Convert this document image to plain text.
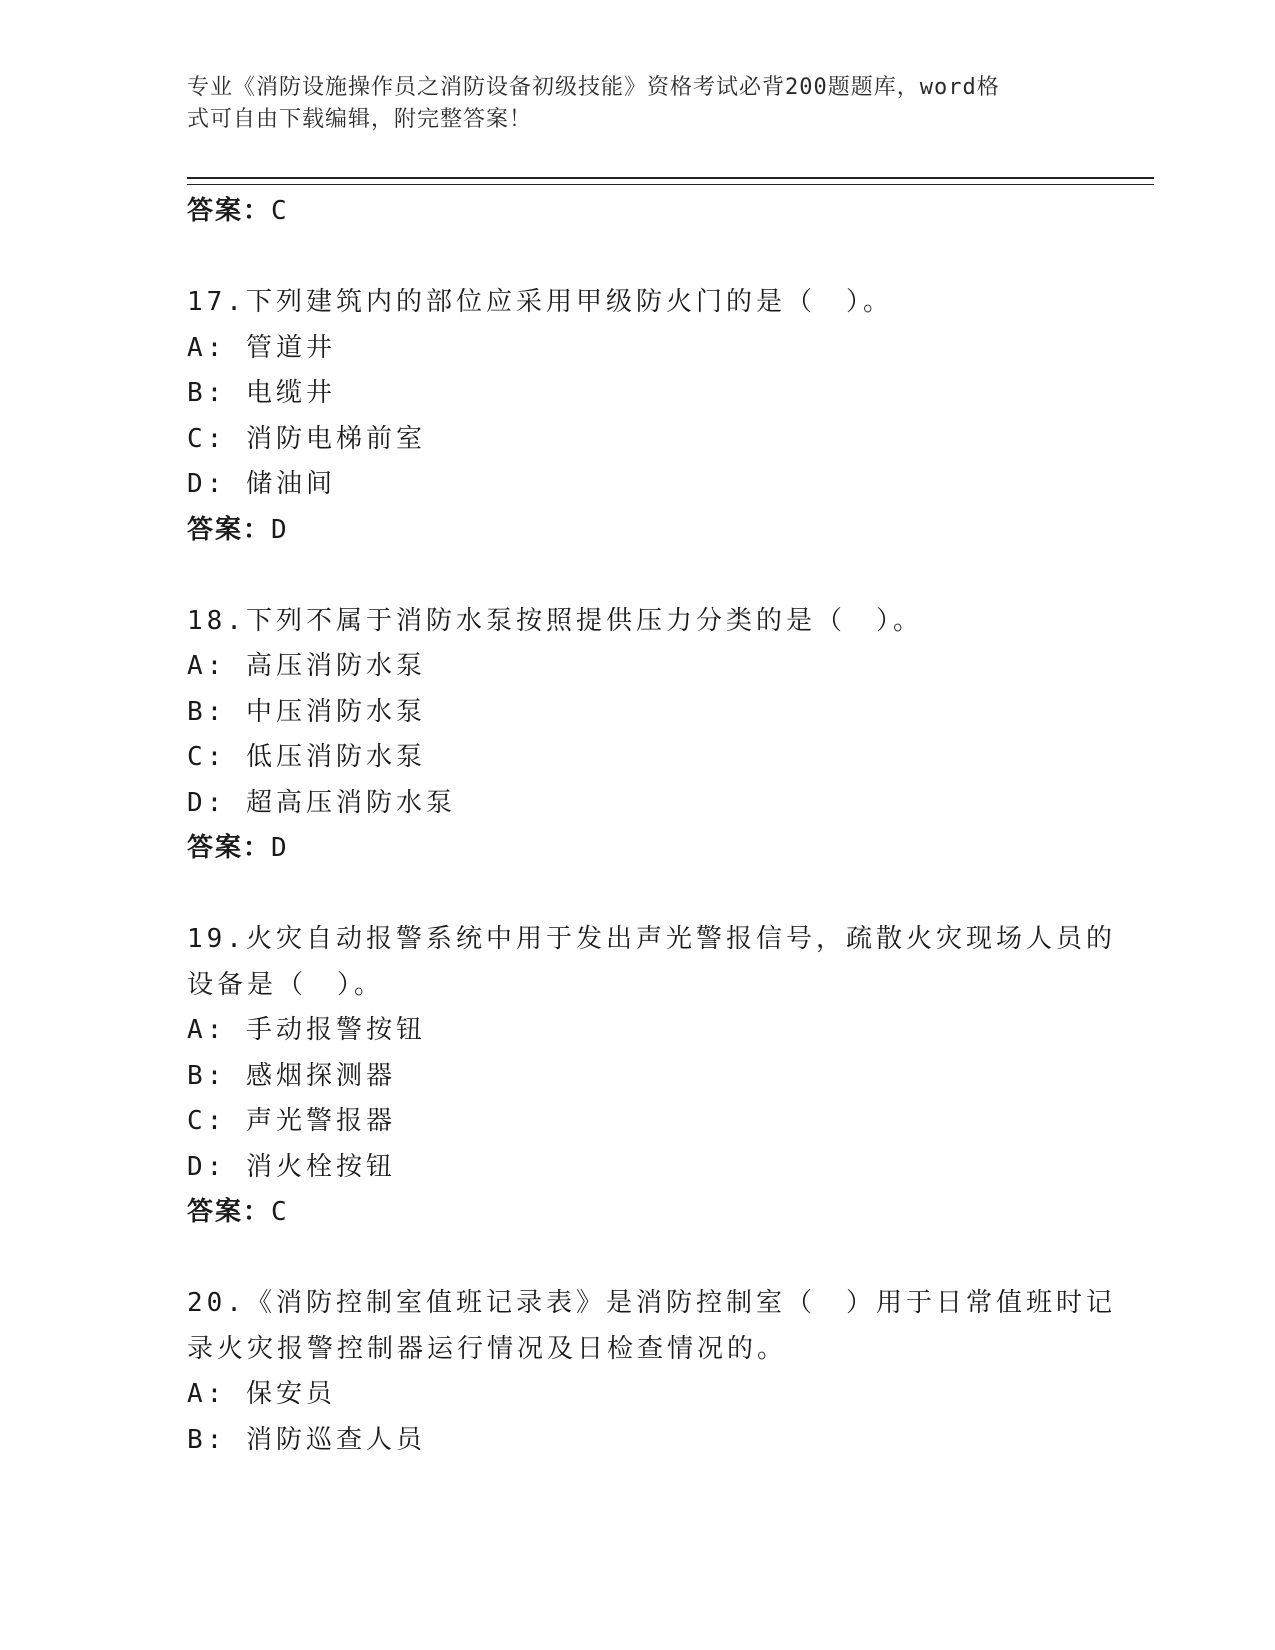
专业《消防设施操作员之消防设备初级技能》资格考试必背200题题库，word格
式可自由下载编辑，附完整答案！

答案：C

17.下列建筑内的部位应采用甲级防火门的是（　）。

A: 管道井

B: 电缆井

C: 消防电梯前室

D: 储油间

答案：D

18.下列不属于消防水泵按照提供压力分类的是（　）。

A: 高压消防水泵

B: 中压消防水泵

C: 低压消防水泵

D: 超高压消防水泵

答案：D

19.火灾自动报警系统中用于发出声光警报信号，疏散火灾现场人员的

设备是（　）。

A: 手动报警按钮

B: 感烟探测器

C: 声光警报器

D: 消火栓按钮

答案：C

20.《消防控制室值班记录表》是消防控制室（　）用于日常值班时记

录火灾报警控制器运行情况及日检查情况的。

A: 保安员

B: 消防巡查人员
